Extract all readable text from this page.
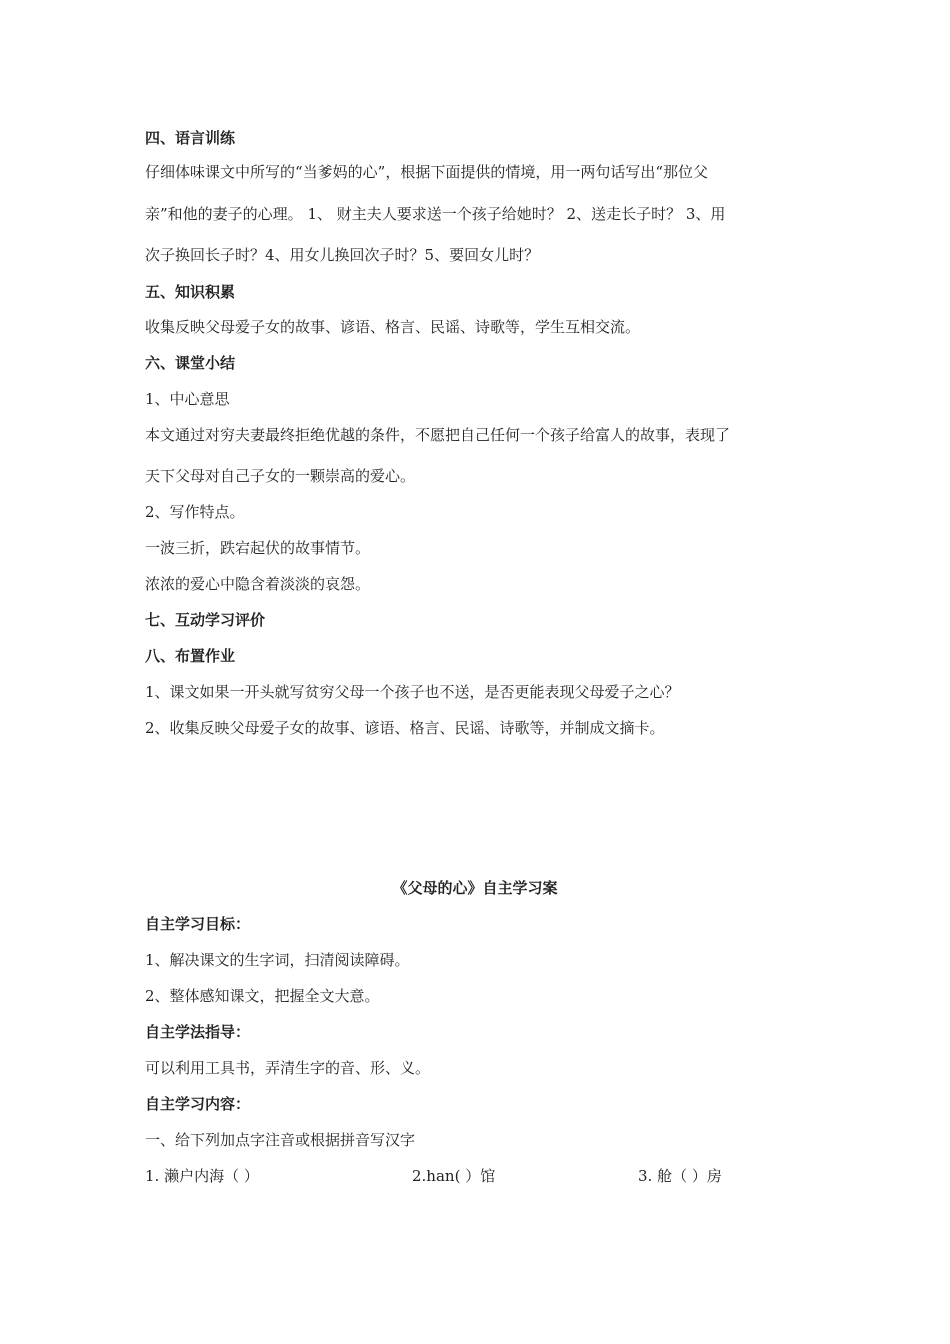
四、语言训练
仔细体味课文中所写的“当爹妈的心”，根据下面提供的情境，用一两句话写出“那位父
亲”和他的妻子的心理。 1、 财主夫人要求送一个孩子给她时？ 2、送走长子时？ 3、用
次子换回长子时？4、用女儿换回次子时？5、要回女儿时？
五、知识积累
收集反映父母爱子女的故事、谚语、格言、民谣、诗歌等，学生互相交流。
六、课堂小结
1、中心意思
本文通过对穷夫妻最终拒绝优越的条件，不愿把自己任何一个孩子给富人的故事，表现了
天下父母对自己子女的一颗崇高的爱心。
2、写作特点。
一波三折，跌宕起伏的故事情节。
浓浓的爱心中隐含着淡淡的哀怨。
七、互动学习评价
八、布置作业
1、课文如果一开头就写贫穷父母一个孩子也不送，是否更能表现父母爱子之心？
2、收集反映父母爱子女的故事、谚语、格言、民谣、诗歌等，并制成文摘卡。
《父母的心》自主学习案
自主学习目标：
1、解决课文的生字词，扫清阅读障碍。
2、整体感知课文，把握全文大意。
自主学法指导：
可以利用工具书，弄清生字的音、形、义。
自主学习内容：
一、给下列加点字注音或根据拼音写汉字
1. 濑户内海（ ）	2.han( ）馆	3. 舱（ ）房
